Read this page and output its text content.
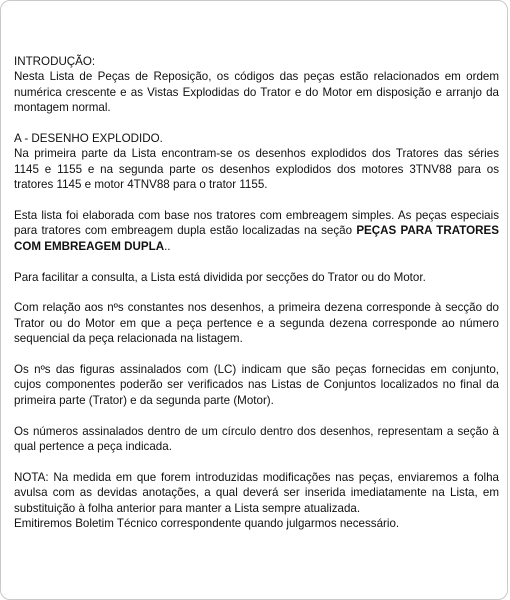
INTRODUÇÃO:
Nesta Lista de Peças de Reposição, os códigos das peças estão relacionados em ordem numérica crescente e as Vistas Explodidas do Trator e do Motor em disposição e arranjo da montagem normal.

A - DESENHO EXPLODIDO.
Na primeira parte da Lista encontram-se os desenhos explodidos dos Tratores das séries 1145 e 1155 e na segunda parte os desenhos explodidos dos motores 3TNV88 para os tratores 1145 e motor 4TNV88 para o trator 1155.

Esta lista foi elaborada com base nos tratores com embreagem simples. As peças especiais para tratores com embreagem dupla estão localizadas na seção PEÇAS PARA TRATORES COM EMBREAGEM DUPLA..

Para facilitar a consulta, a Lista está dividida por secções do Trator ou do Motor.

Com relação aos nºs constantes nos desenhos, a primeira dezena corresponde à secção do Trator ou do Motor em que a peça pertence e a segunda dezena corresponde ao número sequencial da peça relacionada na listagem.

Os nºs das figuras assinalados com (LC) indicam que são peças fornecidas em conjunto, cujos componentes poderão ser verificados nas Listas de Conjuntos localizados no final da primeira parte (Trator) e da segunda parte (Motor).

Os números assinalados dentro de um círculo dentro dos desenhos, representam a seção à qual pertence a peça indicada.

NOTA: Na medida em que forem introduzidas modificações nas peças, enviaremos a folha avulsa com as devidas anotações, a qual deverá ser inserida imediatamente na Lista, em substituição à folha anterior para manter a Lista sempre atualizada.
Emitiremos Boletim Técnico correspondente quando julgarmos necessário.
